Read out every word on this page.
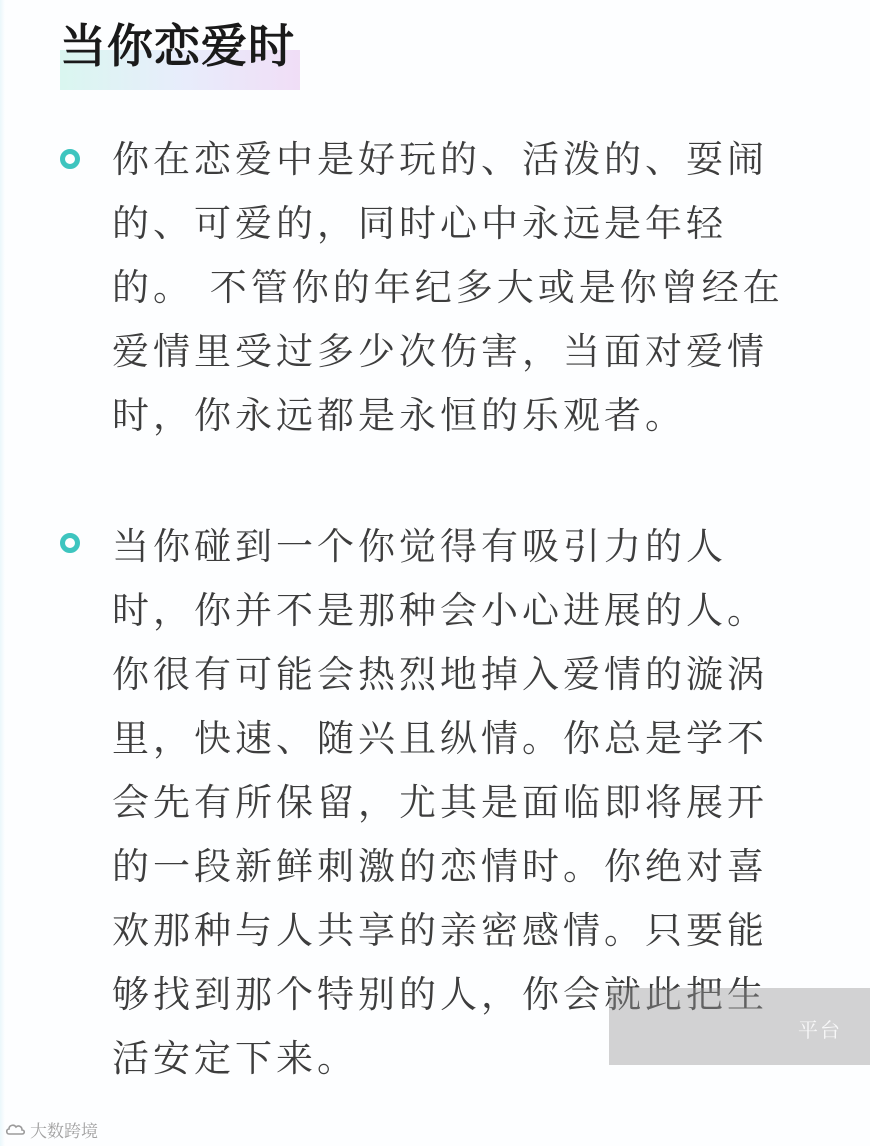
当你恋爱时

你在恋爱中是好玩的、活泼的、耍闹的、可爱的，同时心中永远是年轻的。 不管你的年纪多大或是你曾经在爱情里受过多少次伤害，当面对爱情时，你永远都是永恒的乐观者。

当你碰到一个你觉得有吸引力的人时，你并不是那种会小心进展的人。你很有可能会热烈地掉入爱情的漩涡里，快速、随兴且纵情。你总是学不会先有所保留，尤其是面临即将展开的一段新鲜刺激的恋情时。你绝对喜欢那种与人共享的亲密感情。只要能够找到那个特别的人，你会就此把生活安定下来。

平台
大数跨境
